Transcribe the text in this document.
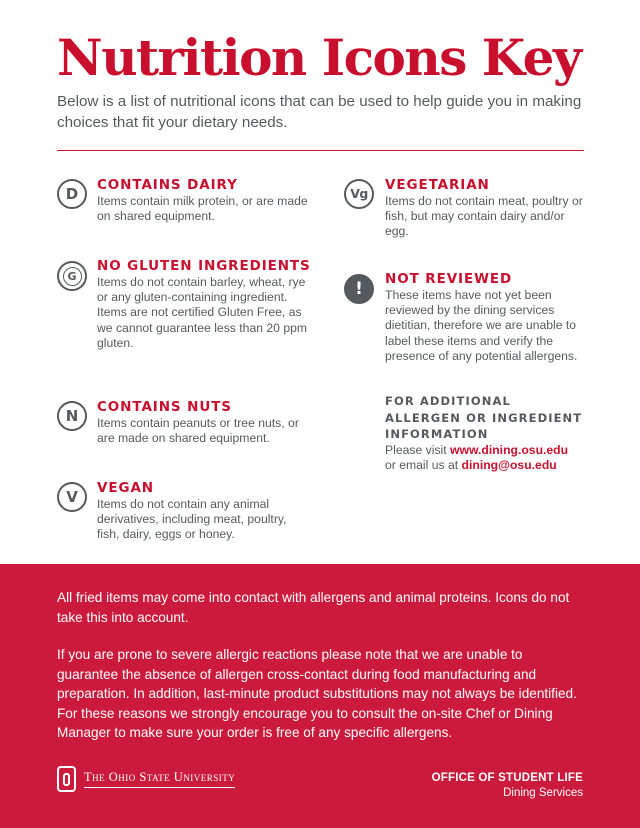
Nutrition Icons Key

Below is a list of nutritional icons that can be used to help guide you in making choices that fit your dietary needs.

D	CONTAINS DAIRY
Items contain milk protein, or are made on shared equipment.
G
NO GLUTEN INGREDIENTS
Items do not contain barley, wheat, rye or any gluten-containing ingredient. Items are not certified Gluten Free, as we cannot guarantee less than 20 ppm gluten.
N	CONTAINS NUTS
Items contain peanuts or tree nuts, or are made on shared equipment.
V	VEGAN
Items do not contain any animal derivatives, including meat, poultry, fish, dairy, eggs or honey.
Vg
VEGETARIAN
Items do not contain meat, poultry or fish, but may contain dairy and/or egg.
!	NOT REVIEWED
These items have not yet been reviewed by the dining services dietitian, therefore we are unable to label these items and verify the presence of any potential allergens.
FOR ADDITIONAL ALLERGEN OR INGREDIENT INFORMATION
Please visit www.dining.osu.edu
or email us at dining@osu.edu

All fried items may come into contact with allergens and animal proteins. Icons do not take this into account.

If you are prone to severe allergic reactions please note that we are unable to guarantee the absence of allergen cross-contact during food manufacturing and preparation. In addition, last-minute product substitutions may not always be identified. For these reasons we strongly encourage you to consult the on-site Chef or Dining Manager to make sure your order is free of any specific allergens.

The Ohio State University	OFFICE OF STUDENT LIFE
Dining Services
